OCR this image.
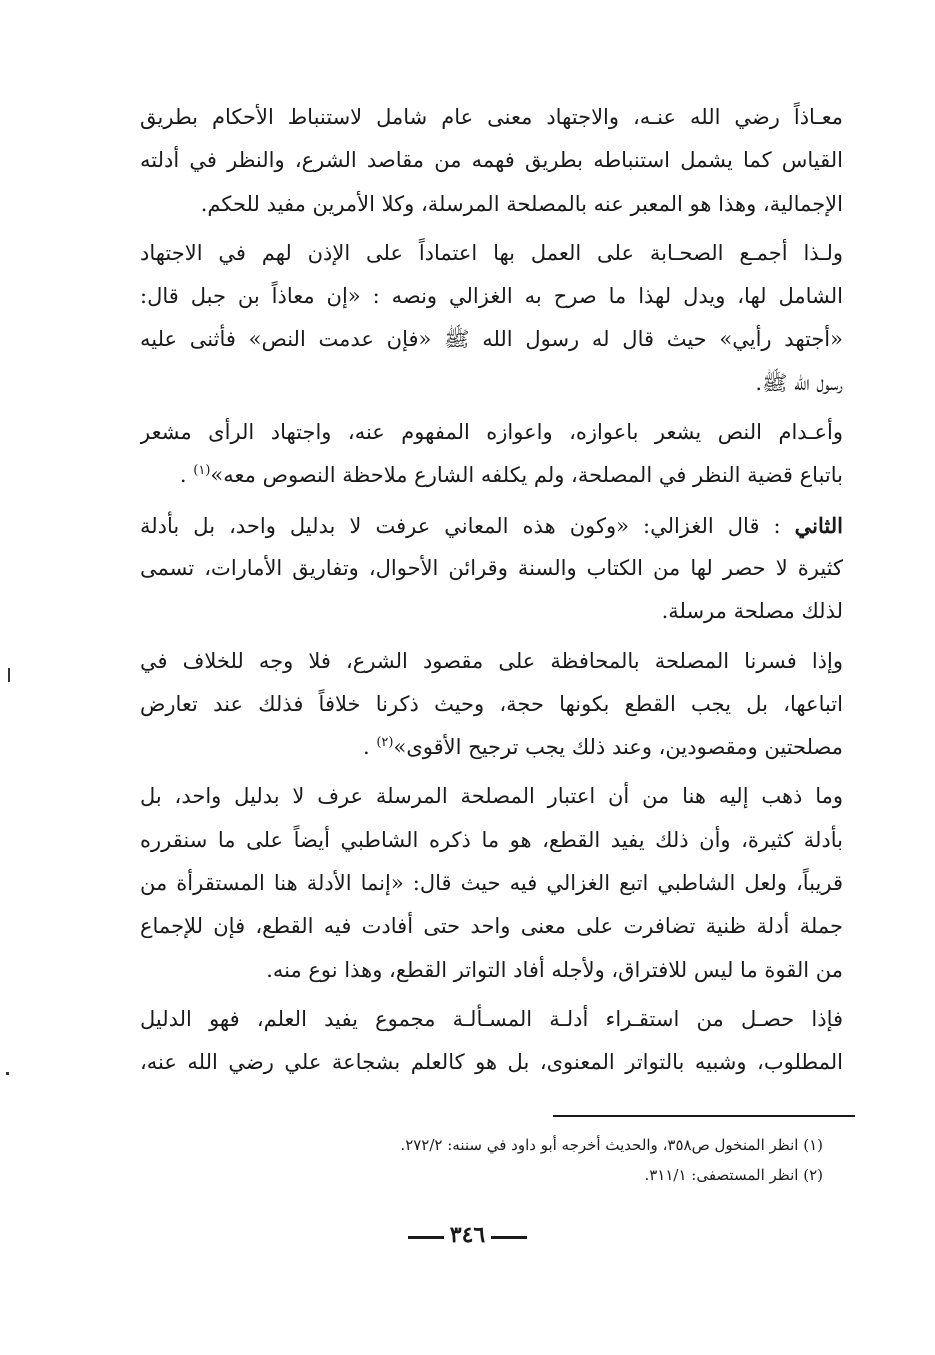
معـاذاً رضي الله عنـه، والاجتهاد معنى عام شامل لاستنباط الأحكام بطريق
القياس كما يشمل استنباطه بطريق فهمه من مقاصد الشرع، والنظر في أدلته
الإجمالية، وهذا هو المعبر عنه بالمصلحة المرسلة، وكلا الأمرين مفيد للحكم.
ولـذا أجمـع الصحـابة على العمل بها اعتماداً على الإذن لهم في الاجتهاد
الشامل لها، ويدل لهذا ما صرح به الغزالي ونصه : «إن معاذاً بن جبل قال:
«أجتهد رأيي» حيث قال له رسول الله ﷺ «فإن عدمت النص» فأثنى عليه
رسول الله ﷺ.
وأعـدام النص يشعر باعوازه، واعوازه المفهوم عنه، واجتهاد الرأى مشعر
باتباع قضية النظر في المصلحة، ولم يكلفه الشارع ملاحظة النصوص معه»$^{(١)}$ .
الثاني : قال الغزالي: «وكون هذه المعاني عرفت لا بدليل واحد، بل بأدلة
كثيرة لا حصر لها من الكتاب والسنة وقرائن الأحوال، وتفاريق الأمارات، تسمى
لذلك مصلحة مرسلة.
وإذا فسرنا المصلحة بالمحافظة على مقصود الشرع، فلا وجه للخلاف في
اتباعها، بل يجب القطع بكونها حجة، وحيث ذكرنا خلافاً فذلك عند تعارض
مصلحتين ومقصودين، وعند ذلك يجب ترجيح الأقوى»$^{(٢)}$ .
وما ذهب إليه هنا من أن اعتبار المصلحة المرسلة عرف لا بدليل واحد، بل
بأدلة كثيرة، وأن ذلك يفيد القطع، هو ما ذكره الشاطبي أيضاً على ما سنقرره
قريباً، ولعل الشاطبي اتبع الغزالي فيه حيث قال: «إنما الأدلة هنا المستقرأة من
جملة أدلة ظنية تضافرت على معنى واحد حتى أفادت فيه القطع، فإن للإجماع
من القوة ما ليس للافتراق، ولأجله أفاد التواتر القطع، وهذا نوع منه.
فإذا حصـل من استقـراء أدلـة المسـألـة مجموع يفيد العلم، فهو الدليل
المطلوب، وشبيه بالتواتر المعنوى، بل هو كالعلم بشجاعة علي رضي الله عنه،
(١) انظر المنخول ص٣٥٨، والحديث أخرجه أبو داود في سننه: ٢٧٢/٢.
(٢) انظر المستصفى: ٣١١/١.
٣٤٦
